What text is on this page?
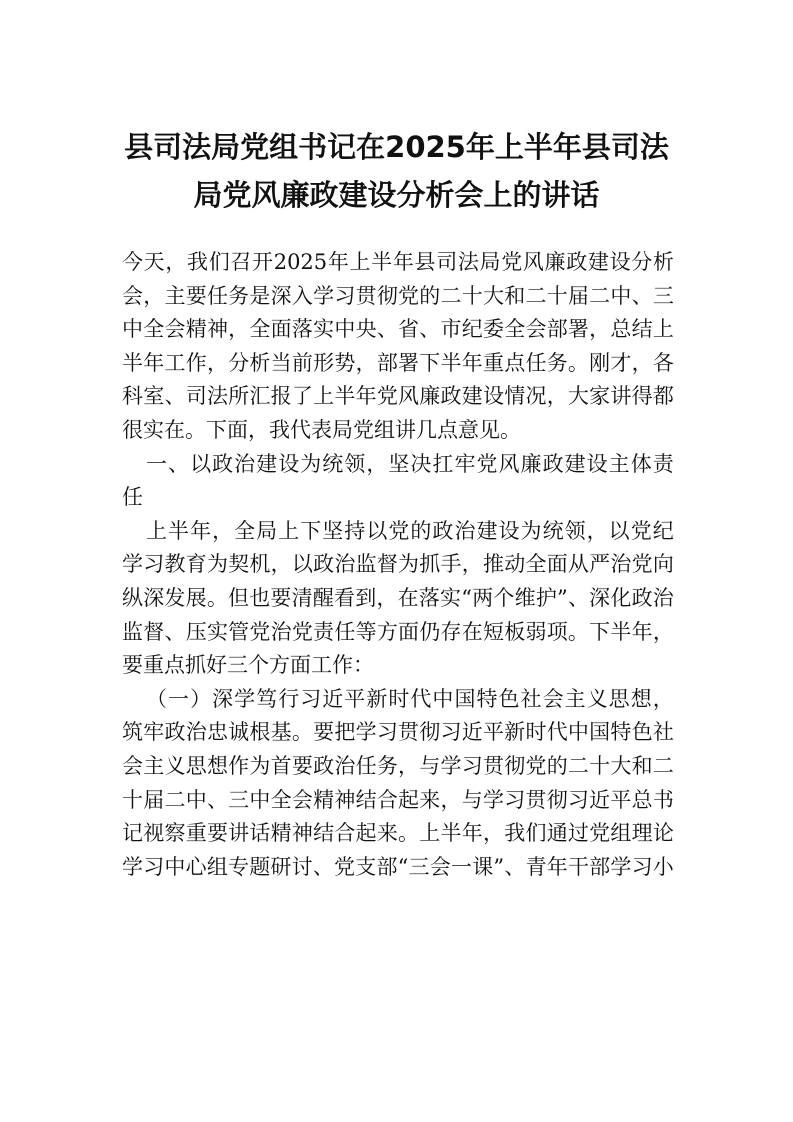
县司法局党组书记在2025年上半年县司法
局党风廉政建设分析会上的讲话
今 天 ， 我 们 召 开 2025 年 上 半 年 县 司 法 局 党 风 廉 政 建 设 分 析
会 ， 主 要 任 务 是 深 入 学 习 贯 彻 党 的 二 十 大 和 二 十 届 二 中 、 三
中 全 会 精 神 ， 全 面 落 实 中 央 、 省 、 市 纪 委 全 会 部 署 ， 总 结 上
半 年 工 作 ， 分 析 当 前 形 势 ， 部 署 下 半 年 重 点 任 务 。 刚 才 ， 各
科 室 、 司 法 所 汇 报 了 上 半 年 党 风 廉 政 建 设 情 况 ， 大 家 讲 得 都
很实在。下面，我代表局党组讲几点意见。
一 、 以 政 治 建 设 为 统 领 ， 坚 决 扛 牢 党 风 廉 政 建 设 主 体 责
任
上 半 年 ， 全 局 上 下 坚 持 以 党 的 政 治 建 设 为 统 领 ， 以 党 纪
学 习 教 育 为 契 机 ， 以 政 治 监 督 为 抓 手 ， 推 动 全 面 从 严 治 党 向
纵 深 发 展 。 但 也 要 清 醒 看 到 ， 在 落 实 “ 两 个 维 护 ” 、 深 化 政 治
监 督 、 压 实 管 党 治 党 责 任 等 方 面 仍 存 在 短 板 弱 项 。 下 半 年 ，
要重点抓好三个方面工作：
（ 一 ） 深 学 笃 行 习 近 平 新 时 代 中 国 特 色 社 会 主 义 思 想 ，
筑 牢 政 治 忠 诚 根 基 。 要 把 学 习 贯 彻 习 近 平 新 时 代 中 国 特 色 社
会 主 义 思 想 作 为 首 要 政 治 任 务 ， 与 学 习 贯 彻 党 的 二 十 大 和 二
十 届 二 中 、 三 中 全 会 精 神 结 合 起 来 ， 与 学 习 贯 彻 习 近 平 总 书
记 视 察 重 要 讲 话 精 神 结 合 起 来 。 上 半 年 ， 我 们 通 过 党 组 理 论
学 习 中 心 组 专 题 研 讨 、 党 支 部 “ 三 会 一 课 ” 、 青 年 干 部 学 习 小
